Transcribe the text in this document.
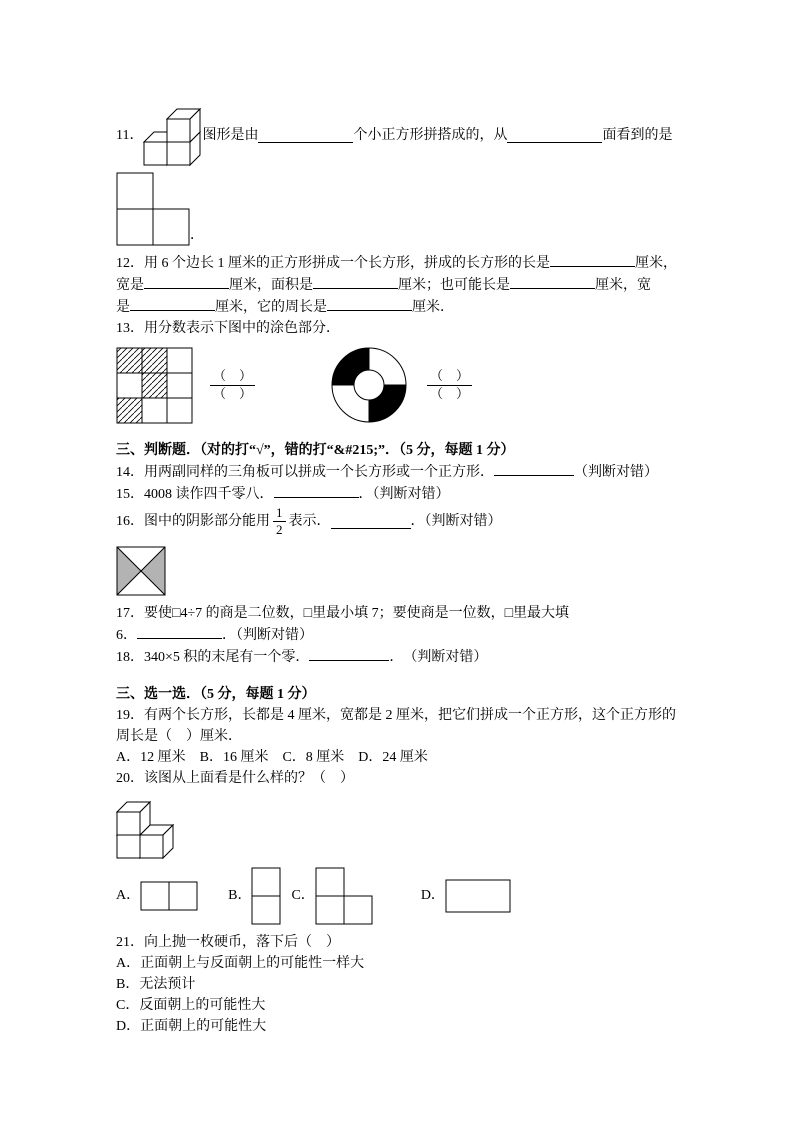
11．

	图形是由	个小正方形拼搭成的，从	面看到的是

．
12．用 6 个边长 1 厘米的正方形拼成一个长方形，拼成的长方形的长是	厘米，
宽是	厘米，面积是	厘米；也可能长是	厘米，宽
是	厘米，它的周长是	厘米．
13．用分数表示下图中的涂色部分．

$\frac{( )}{( )}$

	$\frac{( )}{( )}$
三、判断题．（对的打“√”，错的打“&#215;”．（5 分，每题 1 分）
14．用两副同样的三角板可以拼成一个长方形或一个正方形．	（判断对错）
15．4008 读作四千零八．	．（判断对错）
16．图中的阴影部分能用 $\frac{1}{2}$ 表示．	．（判断对错）

17．要使□4÷7 的商是二位数，□里最小填 7；要使商是一位数，□里最大填
6．	．（判断对错）
18．340×5 积的末尾有一个零．	．　（判断对错）
三、选一选．（5 分，每题 1 分）
19．有两个长方形，长都是 4 厘米，宽都是 2 厘米，把它们拼成一个正方形，这个正方形的
周长是（　）厘米．
A．12 厘米　B．16 厘米　C．8 厘米　D．24 厘米
20．该图从上面看是什么样的？（　）

A．

	B．

	C．

	D．

21．向上抛一枚硬币，落下后（　）
A．正面朝上与反面朝上的可能性一样大
B．无法预计
C．反面朝上的可能性大
D．正面朝上的可能性大
